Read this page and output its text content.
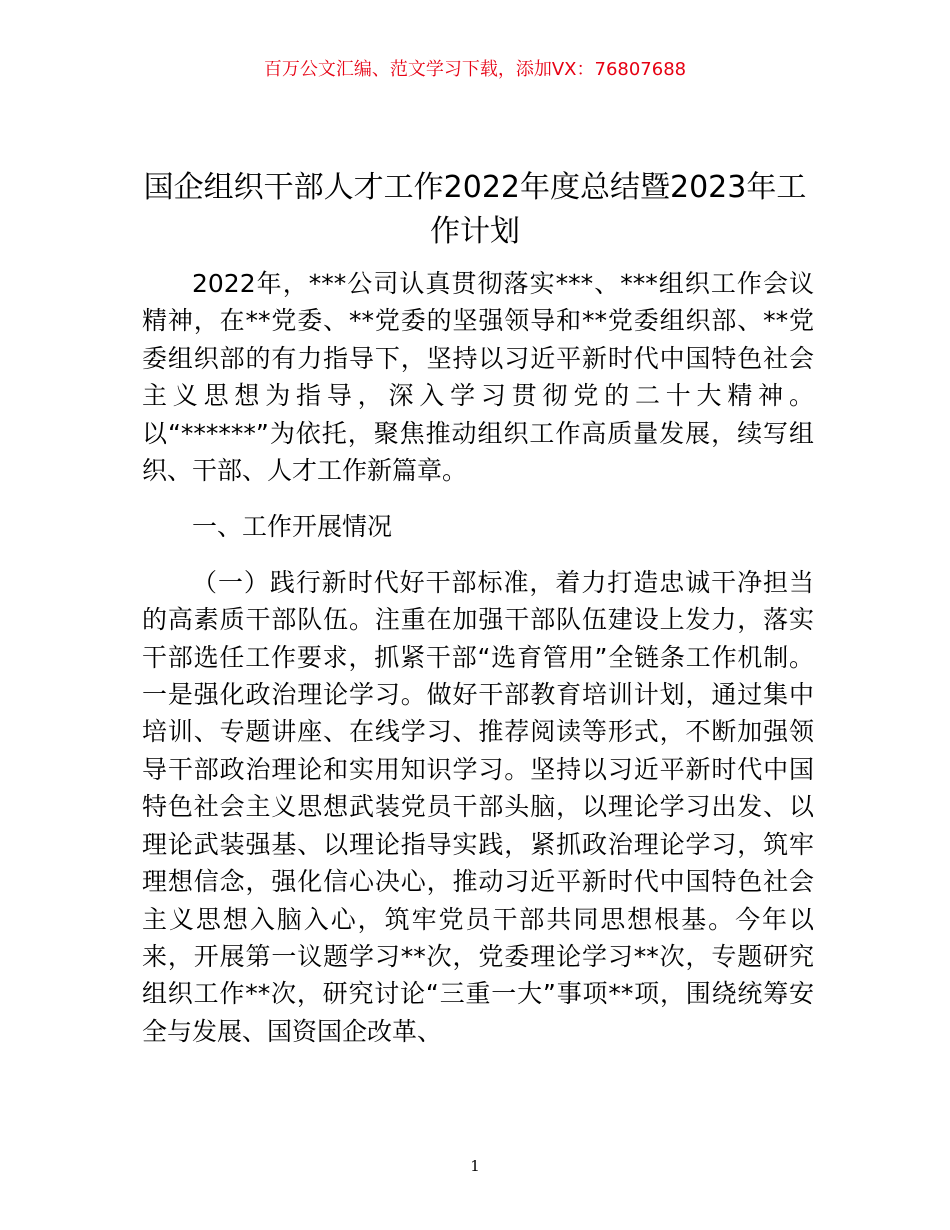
百万公文汇编、范文学习下载，添加VX：76807688
国企组织干部人才工作2022年度总结暨2023年工作计划

2022年，***公司认真贯彻落实***、***组织工作会议精神，在**党委、**党委的坚强领导和**党委组织部、**党委组织部的有力指导下，坚持以习近平新时代中国特色社会主义思想为指导，深入学习贯彻党的二十大精神。以“******”为依托，聚焦推动组织工作高质量发展，续写组织、干部、人才工作新篇章。

一、工作开展情况

（一）践行新时代好干部标准，着力打造忠诚干净担当的高素质干部队伍。注重在加强干部队伍建设上发力，落实干部选任工作要求，抓紧干部“选育管用”全链条工作机制。一是强化政治理论学习。做好干部教育培训计划，通过集中培训、专题讲座、在线学习、推荐阅读等形式，不断加强领导干部政治理论和实用知识学习。坚持以习近平新时代中国特色社会主义思想武装党员干部头脑，以理论学习出发、以理论武装强基、以理论指导实践，紧抓政治理论学习，筑牢理想信念，强化信心决心，推动习近平新时代中国特色社会主义思想入脑入心，筑牢党员干部共同思想根基。今年以来，开展第一议题学习**次，党委理论学习**次，专题研究组织工作**次，研究讨论“三重一大”事项**项，围绕统筹安全与发展、国资国企改革、

1
